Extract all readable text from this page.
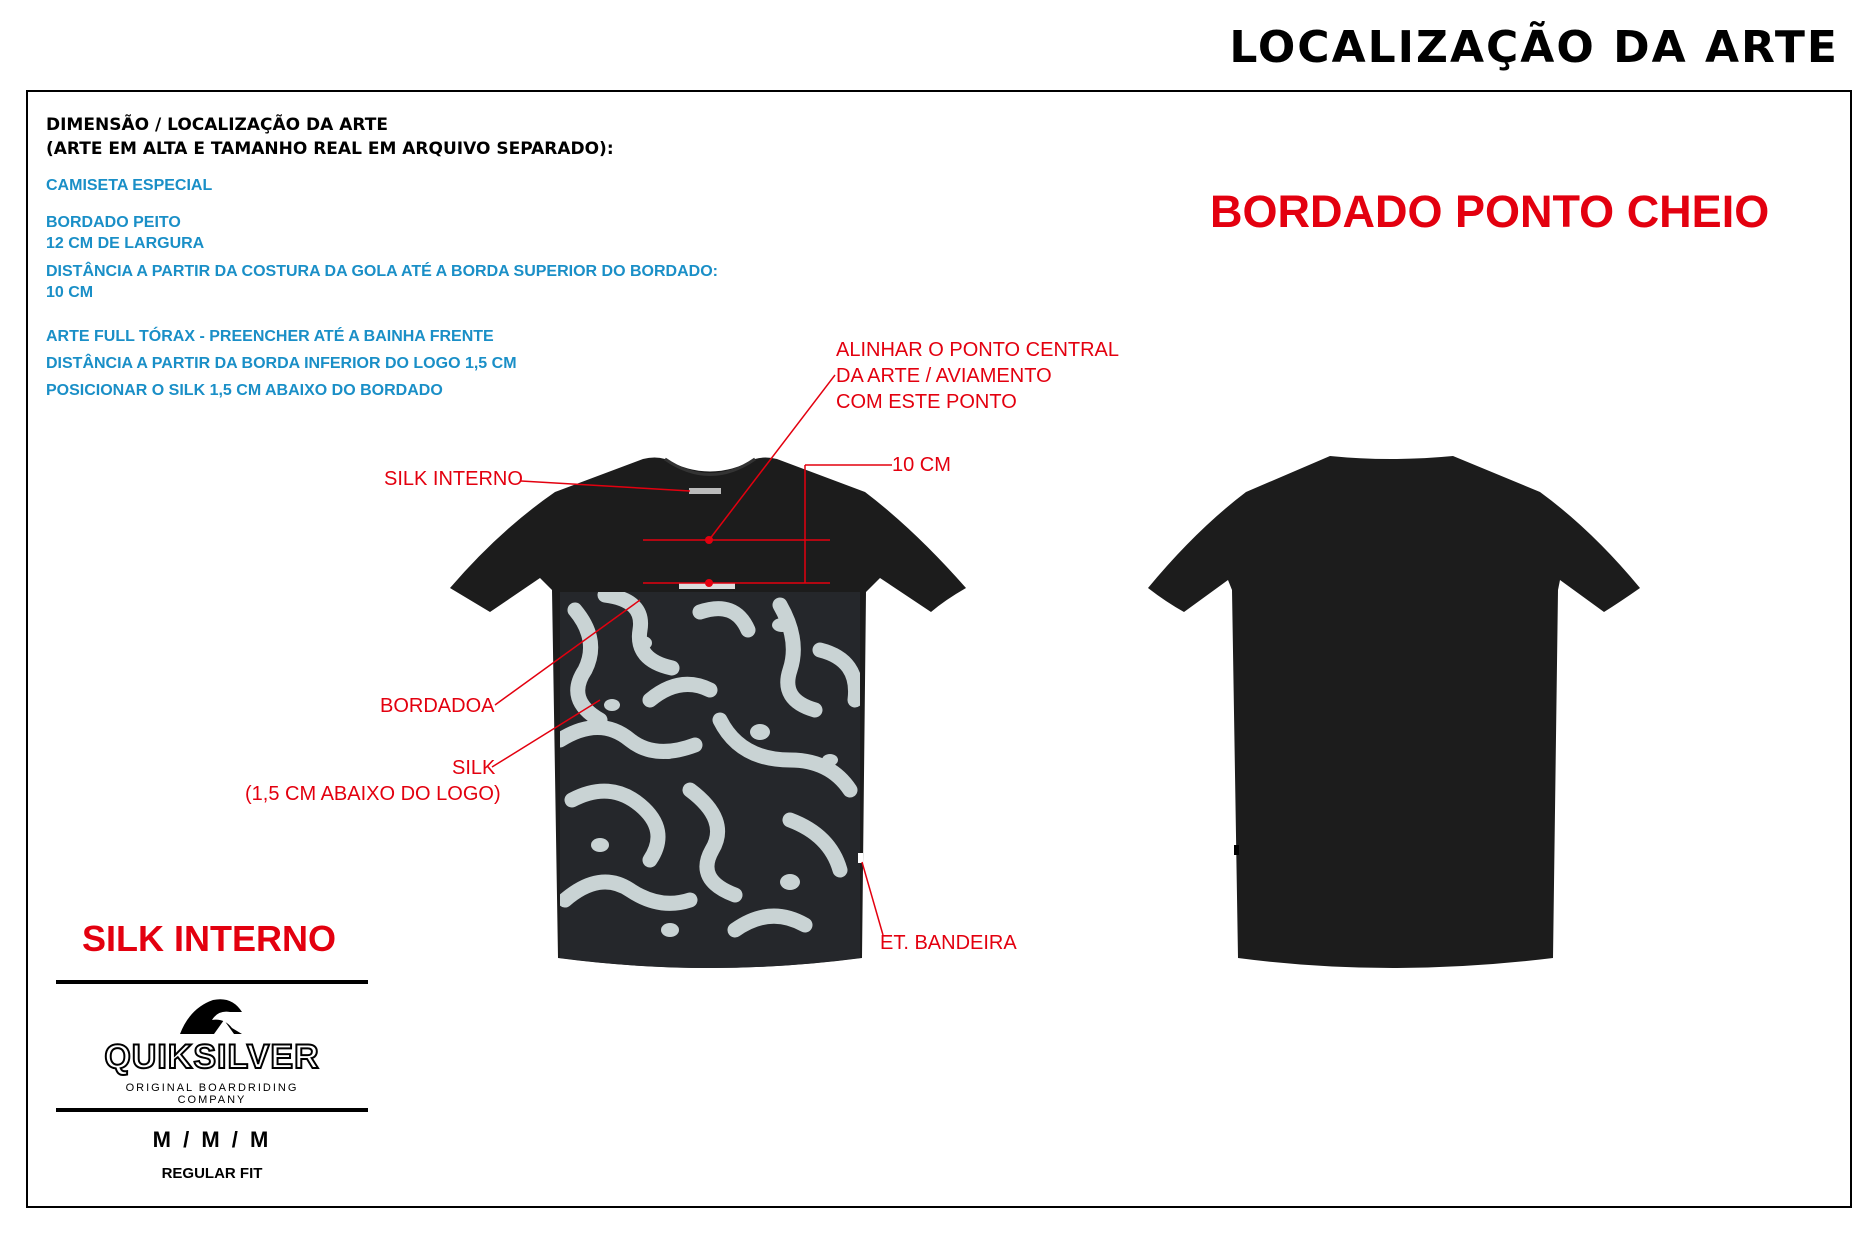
LOCALIZAÇÃO DA ARTE
DIMENSÃO / LOCALIZAÇÃO DA ARTE
(ARTE EM ALTA E TAMANHO REAL EM ARQUIVO SEPARADO):
CAMISETA ESPECIAL
BORDADO PEITO
12 CM DE LARGURA
DISTÂNCIA A PARTIR DA COSTURA DA GOLA ATÉ A BORDA SUPERIOR DO BORDADO:
10 CM
ARTE FULL TÓRAX - PREENCHER ATÉ A BAINHA FRENTE
DISTÂNCIA A PARTIR DA BORDA INFERIOR DO LOGO 1,5 CM
POSICIONAR O SILK 1,5 CM ABAIXO DO BORDADO
BORDADO PONTO CHEIO
ALINHAR O PONTO CENTRAL
DA ARTE / AVIAMENTO
COM ESTE PONTO
10 CM
SILK INTERNO
BORDADOA
SILK
(1,5 CM ABAIXO DO LOGO)
ET. BANDEIRA
SILK INTERNO
QUIKSILVER
ORIGINAL BOARDRIDING COMPANY
M / M / M
REGULAR FIT
